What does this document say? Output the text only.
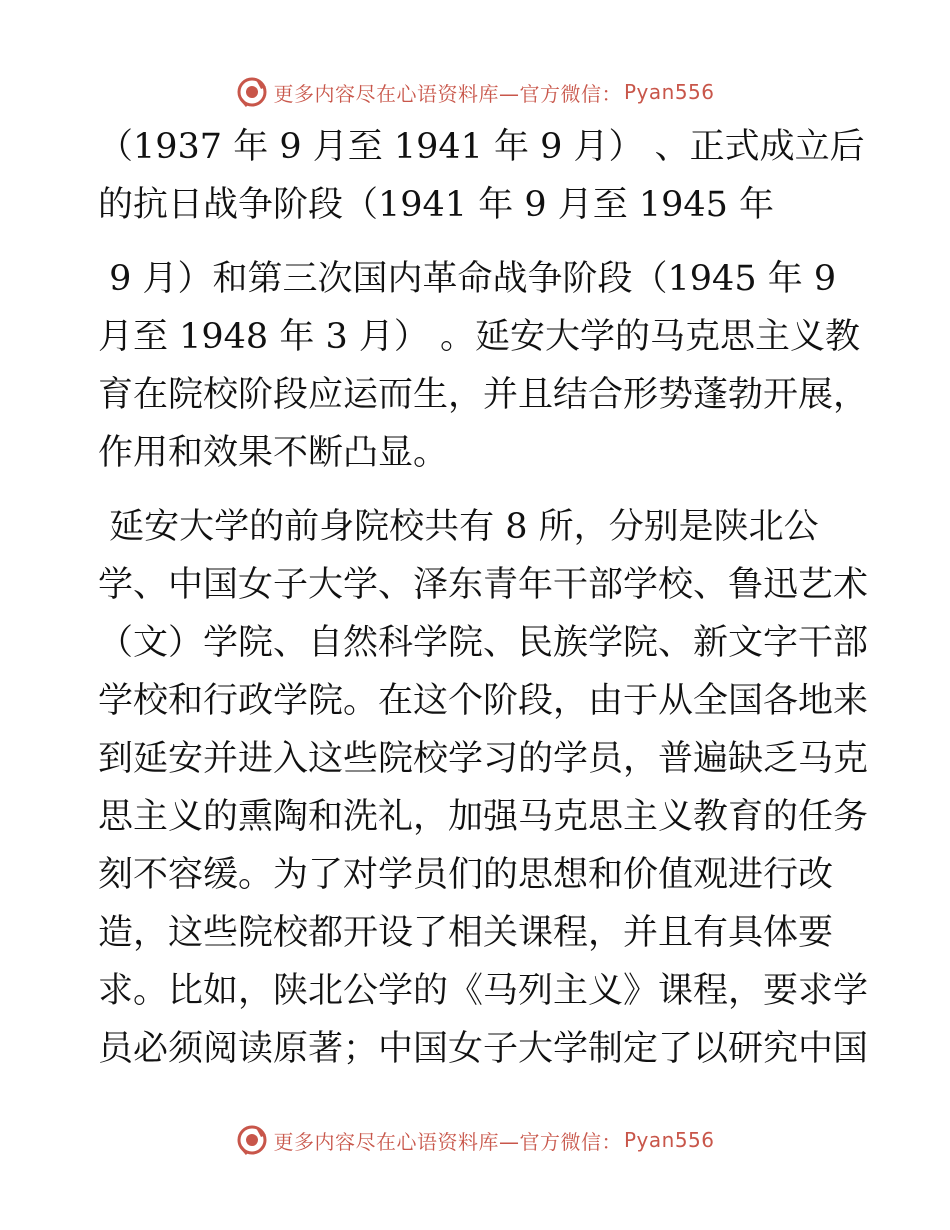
更多内容尽在心语资料库—官方微信： Pyan556
（1937 年 9 月至 1941 年 9 月） 、正式成立后
的抗日战争阶段（1941 年 9 月至 1945 年
9 月）和第三次国内革命战争阶段（1945 年 9
月至 1948 年 3 月） 。延安大学的马克思主义教
育在院校阶段应运而生，并且结合形势蓬勃开展，
作用和效果不断凸显。
延安大学的前身院校共有 8 所，分别是陕北公
学、中国女子大学、泽东青年干部学校、鲁迅艺术
（文）学院、自然科学院、民族学院、新文字干部
学校和行政学院。在这个阶段，由于从全国各地来
到延安并进入这些院校学习的学员，普遍缺乏马克
思主义的熏陶和洗礼，加强马克思主义教育的任务
刻不容缓。为了对学员们的思想和价值观进行改
造，这些院校都开设了相关课程，并且有具体要
求。比如，陕北公学的《马列主义》课程，要求学
员必须阅读原著；中国女子大学制定了以研究中国
更多内容尽在心语资料库—官方微信： Pyan556
